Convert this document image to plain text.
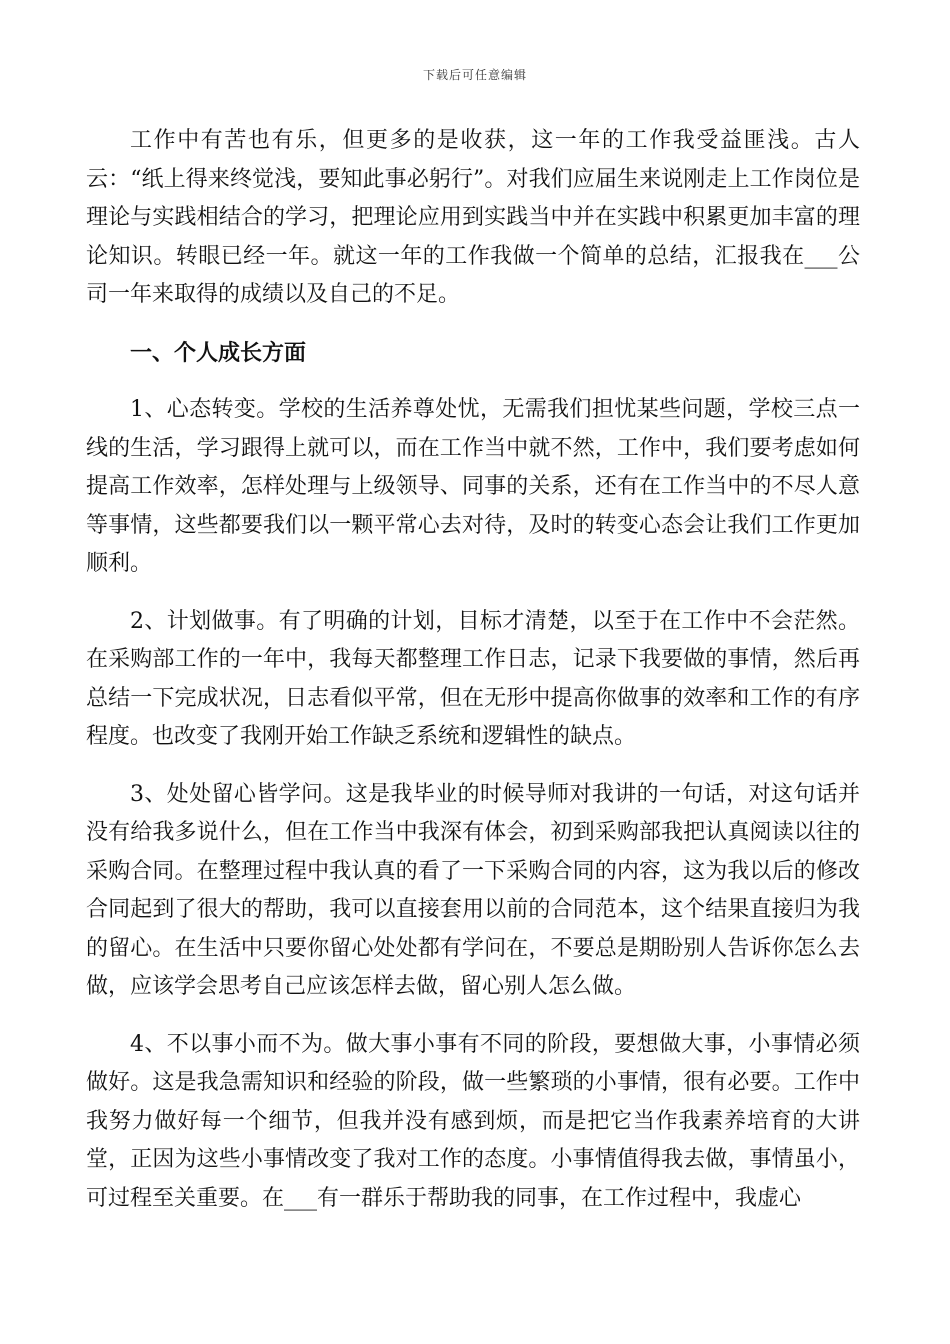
下载后可任意编辑

工作中有苦也有乐，但更多的是收获，这一年的工作我受益匪浅。古人云：“纸上得来终觉浅，要知此事必躬行”。对我们应届生来说刚走上工作岗位是理论与实践相结合的学习，把理论应用到实践当中并在实践中积累更加丰富的理论知识。转眼已经一年。就这一年的工作我做一个简单的总结，汇报我在___公司一年来取得的成绩以及自己的不足。

一、个人成长方面

1、心态转变。学校的生活养尊处忧，无需我们担忧某些问题，学校三点一线的生活，学习跟得上就可以，而在工作当中就不然，工作中，我们要考虑如何提高工作效率，怎样处理与上级领导、同事的关系，还有在工作当中的不尽人意等事情，这些都要我们以一颗平常心去对待，及时的转变心态会让我们工作更加顺利。

2、计划做事。有了明确的计划，目标才清楚，以至于在工作中不会茫然。在采购部工作的一年中，我每天都整理工作日志，记录下我要做的事情，然后再总结一下完成状况，日志看似平常，但在无形中提高你做事的效率和工作的有序程度。也改变了我刚开始工作缺乏系统和逻辑性的缺点。

3、处处留心皆学问。这是我毕业的时候导师对我讲的一句话，对这句话并没有给我多说什么，但在工作当中我深有体会，初到采购部我把认真阅读以往的采购合同。在整理过程中我认真的看了一下采购合同的内容，这为我以后的修改合同起到了很大的帮助，我可以直接套用以前的合同范本，这个结果直接归为我的留心。在生活中只要你留心处处都有学问在，不要总是期盼别人告诉你怎么去做，应该学会思考自己应该怎样去做，留心别人怎么做。

4、不以事小而不为。做大事小事有不同的阶段，要想做大事，小事情必须做好。这是我急需知识和经验的阶段，做一些繁琐的小事情，很有必要。工作中我努力做好每一个细节，但我并没有感到烦，而是把它当作我素养培育的大讲堂，正因为这些小事情改变了我对工作的态度。小事情值得我去做，事情虽小，可过程至关重要。在___有一群乐于帮助我的同事，在工作过程中，我虚心
